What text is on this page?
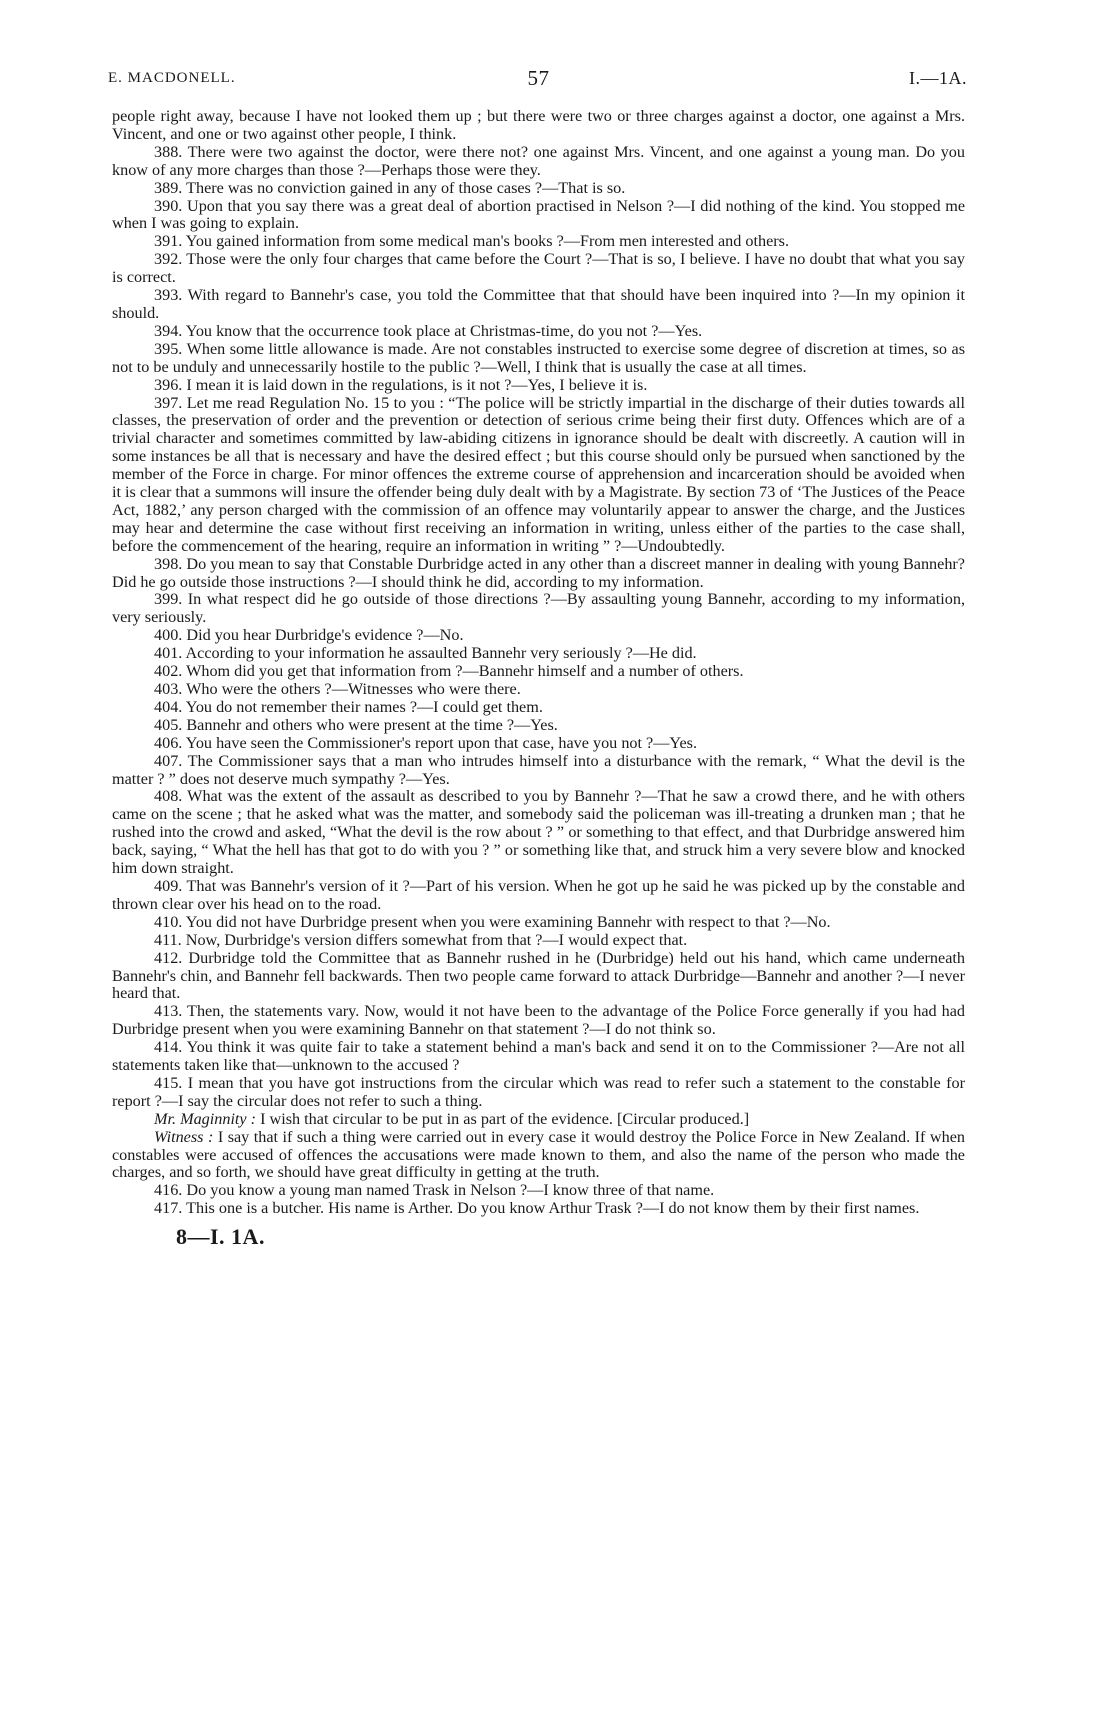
E. MACDONELL.	57	I.—1A.

people right away, because I have not looked them up ; but there were two or three charges against a doctor, one against a Mrs. Vincent, and one or two against other people, I think.

388. There were two against the doctor, were there not? one against Mrs. Vincent, and one against a young man. Do you know of any more charges than those ?—Perhaps those were they.

389. There was no conviction gained in any of those cases ?—That is so.

390. Upon that you say there was a great deal of abortion practised in Nelson ?—I did nothing of the kind. You stopped me when I was going to explain.

391. You gained information from some medical man's books ?—From men interested and others.

392. Those were the only four charges that came before the Court ?—That is so, I believe. I have no doubt that what you say is correct.

393. With regard to Bannehr's case, you told the Committee that that should have been inquired into ?—In my opinion it should.

394. You know that the occurrence took place at Christmas-time, do you not ?—Yes.

395. When some little allowance is made. Are not constables instructed to exercise some degree of discretion at times, so as not to be unduly and unnecessarily hostile to the public ?—Well, I think that is usually the case at all times.

396. I mean it is laid down in the regulations, is it not ?—Yes, I believe it is.

397. Let me read Regulation No. 15 to you : “The police will be strictly impartial in the discharge of their duties towards all classes, the preservation of order and the prevention or detection of serious crime being their first duty. Offences which are of a trivial character and sometimes committed by law-abiding citizens in ignorance should be dealt with discreetly. A caution will in some instances be all that is necessary and have the desired effect ; but this course should only be pursued when sanctioned by the member of the Force in charge. For minor offences the extreme course of apprehension and incarceration should be avoided when it is clear that a summons will insure the offender being duly dealt with by a Magistrate. By section 73 of ‘The Justices of the Peace Act, 1882,’ any person charged with the commission of an offence may voluntarily appear to answer the charge, and the Justices may hear and determine the case without first receiving an information in writing, unless either of the parties to the case shall, before the commencement of the hearing, require an information in writing ” ?—Undoubtedly.

398. Do you mean to say that Constable Durbridge acted in any other than a discreet manner in dealing with young Bannehr? Did he go outside those instructions ?—I should think he did, according to my information.

399. In what respect did he go outside of those directions ?—By assaulting young Bannehr, according to my information, very seriously.

400. Did you hear Durbridge's evidence ?—No.

401. According to your information he assaulted Bannehr very seriously ?—He did.

402. Whom did you get that information from ?—Bannehr himself and a number of others.

403. Who were the others ?—Witnesses who were there.

404. You do not remember their names ?—I could get them.

405. Bannehr and others who were present at the time ?—Yes.

406. You have seen the Commissioner's report upon that case, have you not ?—Yes.

407. The Commissioner says that a man who intrudes himself into a disturbance with the remark, “ What the devil is the matter ? ” does not deserve much sympathy ?—Yes.

408. What was the extent of the assault as described to you by Bannehr ?—That he saw a crowd there, and he with others came on the scene ; that he asked what was the matter, and somebody said the policeman was ill-treating a drunken man ; that he rushed into the crowd and asked, “What the devil is the row about ? ” or something to that effect, and that Durbridge answered him back, saying, “ What the hell has that got to do with you ? ” or something like that, and struck him a very severe blow and knocked him down straight.

409. That was Bannehr's version of it ?—Part of his version. When he got up he said he was picked up by the constable and thrown clear over his head on to the road.

410. You did not have Durbridge present when you were examining Bannehr with respect to that ?—No.

411. Now, Durbridge's version differs somewhat from that ?—I would expect that.

412. Durbridge told the Committee that as Bannehr rushed in he (Durbridge) held out his hand, which came underneath Bannehr's chin, and Bannehr fell backwards. Then two people came forward to attack Durbridge—Bannehr and another ?—I never heard that.

413. Then, the statements vary. Now, would it not have been to the advantage of the Police Force generally if you had had Durbridge present when you were examining Bannehr on that statement ?—I do not think so.

414. You think it was quite fair to take a statement behind a man's back and send it on to the Commissioner ?—Are not all statements taken like that—unknown to the accused ?

415. I mean that you have got instructions from the circular which was read to refer such a statement to the constable for report ?—I say the circular does not refer to such a thing.

Mr. Maginnity : I wish that circular to be put in as part of the evidence. [Circular produced.]

Witness : I say that if such a thing were carried out in every case it would destroy the Police Force in New Zealand. If when constables were accused of offences the accusations were made known to them, and also the name of the person who made the charges, and so forth, we should have great difficulty in getting at the truth.

416. Do you know a young man named Trask in Nelson ?—I know three of that name.

417. This one is a butcher. His name is Arther. Do you know Arthur Trask ?—I do not know them by their first names.

8—I. 1A.
